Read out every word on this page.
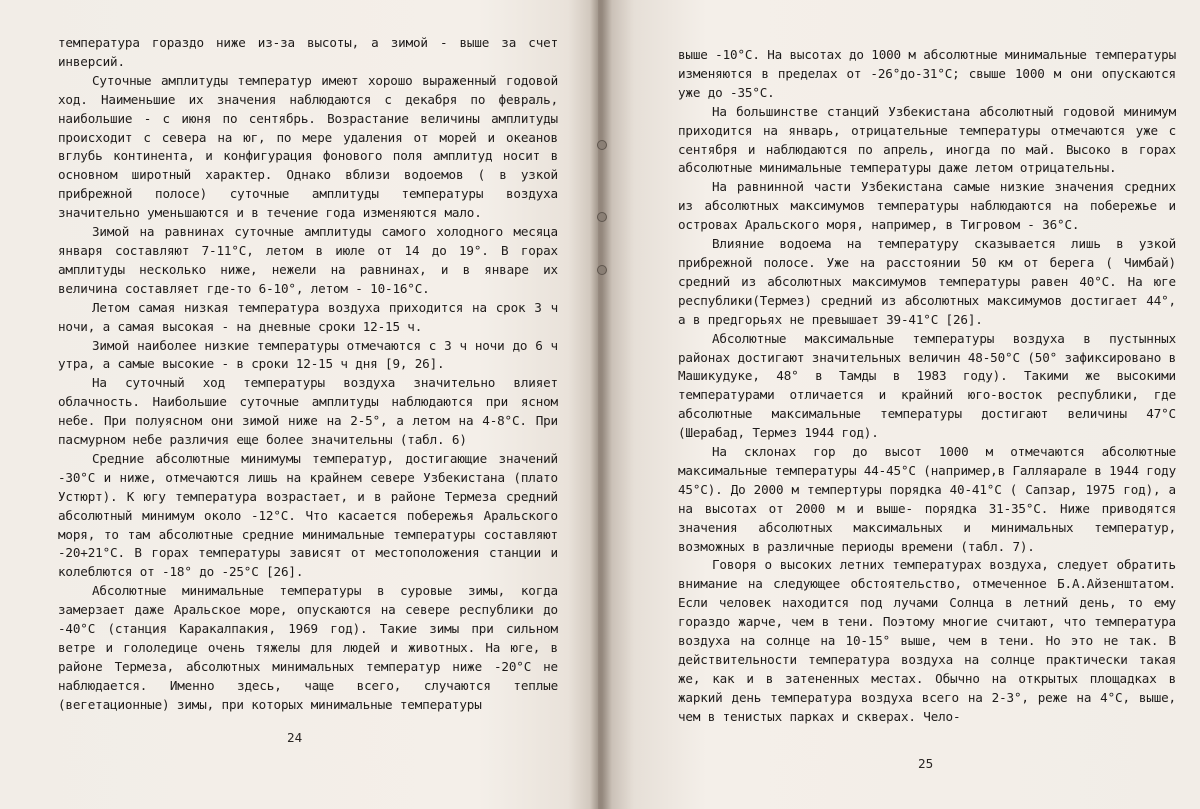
температура гораздо ниже из-за высоты, а зимой - выше за счет инверсий.

Суточные амплитуды температур имеют хорошо выраженный годовой ход. Наименьшие их значения наблюдаются с декабря по февраль, наибольшие - с июня по сентябрь. Возрастание величины амплитуды происходит с севера на юг, по мере удаления от морей и океанов вглубь континента, и конфигурация фонового поля амплитуд носит в основном широтный характер. Однако вблизи водоемов ( в узкой прибрежной полосе) суточные амплитуды температуры воздуха значительно уменьшаются и в течение года изменяются мало.

Зимой на равнинах суточные амплитуды самого холодного месяца января составляют 7-11°С, летом в июле от 14 до 19°. В горах амплитуды несколько ниже, нежели на равнинах, и в январе их величина составляет где-то 6-10°, летом - 10-16°С.

Летом самая низкая температура воздуха приходится на срок 3 ч ночи, а самая высокая - на дневные сроки 12-15 ч.

Зимой наиболее низкие температуры отмечаются с 3 ч ночи до 6 ч утра, а самые высокие - в сроки 12-15 ч дня [9, 26].

На суточный ход температуры воздуха значительно влияет облачность. Наибольшие суточные амплитуды наблюдаются при ясном небе. При полуясном они зимой ниже на 2-5°, а летом на 4-8°С. При пасмурном небе различия еще более значительны (табл. 6)

Средние абсолютные минимумы температур, достигающие значений -30°С и ниже, отмечаются лишь на крайнем севере Узбекистана (плато Устюрт). К югу температура возрастает, и в районе Термеза средний абсолютный минимум около -12°С. Что касается побережья Аральского моря, то там абсолютные средние минимальные температуры составляют -20+21°С. В горах температуры зависят от местоположения станции и колеблются от -18° до -25°С [26].

Абсолютные минимальные температуры в суровые зимы, когда замерзает даже Аральское море, опускаются на севере республики до -40°С (станция Каракалпакия, 1969 год). Такие зимы при сильном ветре и гололедице очень тяжелы для людей и животных. На юге, в районе Термеза, абсолютных минимальных температур ниже -20°С не наблюдается. Именно здесь, чаще всего, случаются теплые (вегетационные) зимы, при которых минимальные температуры

24

выше -10°С. На высотах до 1000 м абсолютные минимальные температуры изменяются в пределах от -26°до-31°С; свыше 1000 м они опускаются уже до -35°С.

На большинстве станций Узбекистана абсолютный годовой минимум приходится на январь, отрицательные температуры отмечаются уже с сентября и наблюдаются по апрель, иногда по май. Высоко в горах абсолютные минимальные температуры даже летом отрицательны.

На равнинной части Узбекистана самые низкие значения средних из абсолютных максимумов температуры наблюдаются на побережье и островах Аральского моря, например, в Тигровом - 36°С.

Влияние водоема на температуру сказывается лишь в узкой прибрежной полосе. Уже на расстоянии 50 км от берега ( Чимбай) средний из абсолютных максимумов температуры равен 40°С. На юге республики(Термез) средний из абсолютных максимумов достигает 44°, а в предгорьях не превышает 39-41°С [26].

Абсолютные максимальные температуры воздуха в пустынных районах достигают значительных величин 48-50°С (50° зафиксировано в Машикудуке, 48° в Тамды в 1983 году). Такими же высокими температурами отличается и крайний юго-восток республики, где абсолютные максимальные температуры достигают величины 47°С (Шерабад, Термез 1944 год).

На склонах гор до высот 1000 м отмечаются абсолютные максимальные температуры 44-45°С (например,в Галляарале в 1944 году 45°С). До 2000 м темпертуры порядка 40-41°С ( Сапзар, 1975 год), а на высотах от 2000 м и выше- порядка 31-35°С. Ниже приводятся значения абсолютных максимальных и минимальных температур, возможных в различные периоды времени (табл. 7).

Говоря о высоких летних температурах воздуха, следует обратить внимание на следующее обстоятельство, отмеченное Б.А.Айзенштатом. Если человек находится под лучами Солнца в летний день, то ему гораздо жарче, чем в тени. Поэтому многие считают, что температура воздуха на солнце на 10-15° выше, чем в тени. Но это не так. В действительности температура воздуха на солнце практически такая же, как и в затененных местах. Обычно на открытых площадках в жаркий день температура воздуха всего на 2-3°, реже на 4°С, выше, чем в тенистых парках и скверах. Чело-

25
